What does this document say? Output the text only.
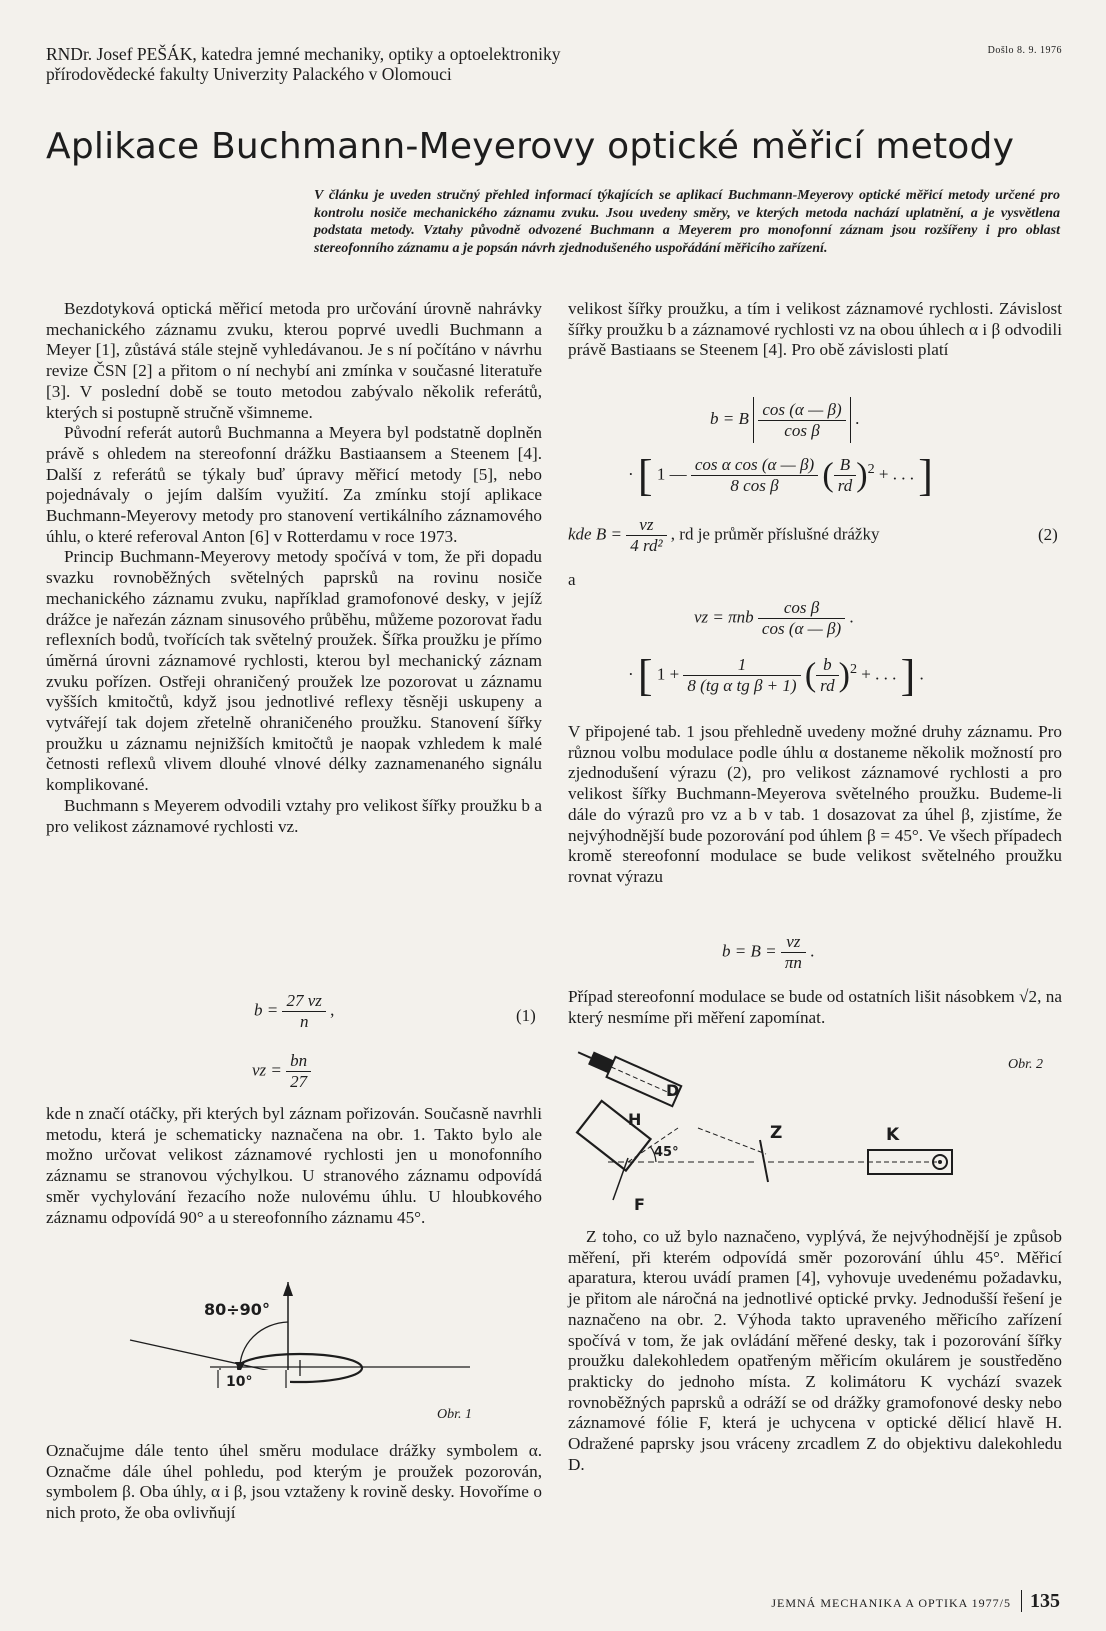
RNDr. Josef PEŠÁK, katedra jemné mechaniky, optiky a optoelektroniky přírodovědecké fakulty Univerzity Palackého v Olomouci
Došlo 8. 9. 1976
Aplikace Buchmann-Meyerovy optické měřicí metody
V článku je uveden stručný přehled informací týkajících se aplikací Buchmann-Meyerovy optické měřicí metody určené pro kontrolu nosiče mechanického záznamu zvuku. Jsou uvedeny směry, ve kterých metoda nachází uplatnění, a je vysvětlena podstata metody. Vztahy původně odvozené Buchmann a Meyerem pro monofonní záznam jsou rozšířeny i pro oblast stereofonního záznamu a je popsán návrh zjednodušeného uspořádání měřicího zařízení.

Bezdotyková optická měřicí metoda pro určování úrovně nahrávky mechanického záznamu zvuku, kterou poprvé uvedli Buchmann a Meyer [1], zůstává stále stejně vyhledávanou. Je s ní počítáno v návrhu revize ČSN [2] a přitom o ní nechybí ani zmínka v současné literatuře [3]. V poslední době se touto metodou zabývalo několik referátů, kterých si postupně stručně všimneme.

Původní referát autorů Buchmanna a Meyera byl podstatně doplněn právě s ohledem na stereofonní drážku Bastiaansem a Steenem [4]. Další z referátů se týkaly buď úpravy měřicí metody [5], nebo pojednávaly o jejím dalším využití. Za zmínku stojí aplikace Buchmann-Meyerovy metody pro stanovení vertikálního záznamového úhlu, o které referoval Anton [6] v Rotterdamu v roce 1973.

Princip Buchmann-Meyerovy metody spočívá v tom, že při dopadu svazku rovnoběžných světelných paprsků na rovinu nosiče mechanického záznamu zvuku, například gramofonové desky, v jejíž drážce je nařezán záznam sinusového průběhu, můžeme pozorovat řadu reflexních bodů, tvořících tak světelný proužek. Šířka proužku je přímo úměrná úrovni záznamové rychlosti, kterou byl mechanický záznam zvuku pořízen. Ostřeji ohraničený proužek lze pozorovat u záznamu vyšších kmitočtů, když jsou jednotlivé reflexy těsněji uskupeny a vytvářejí tak dojem zřetelně ohraničeného proužku. Stanovení šířky proužku u záznamu nejnižších kmitočtů je naopak vzhledem k malé četnosti reflexů vlivem dlouhé vlnové délky zaznamenaného signálu komplikované.

Buchmann s Meyerem odvodili vztahy pro velikost šířky proužku b a pro velikost záznamové rychlosti vz.

$b = \frac{27 vz}{n}$ ,	(1)
vz = $\frac{bn}{27}$

kde n značí otáčky, při kterých byl záznam pořizován. Současně navrhli metodu, která je schematicky naznačena na obr. 1. Takto bylo ale možno určovat velikost záznamové rychlosti jen u monofonního záznamu se stranovou výchylkou. U stranového záznamu odpovídá směr vychylování řezacího nože nulovému úhlu. U hloubkového záznamu odpovídá 90° a u stereofonního záznamu 45°.

80÷90°
10°
Obr. 1

Označujme dále tento úhel směru modulace drážky symbolem α. Označme dále úhel pohledu, pod kterým je proužek pozorován, symbolem β. Oba úhly, α i β, jsou vztaženy k rovině desky. Hovoříme o nich proto, že oba ovlivňují

velikost šířky proužku, a tím i velikost záznamové rychlosti. Závislost šířky proužku b a záznamové rychlosti vz na obou úhlech α i β odvodili právě Bastiaans se Steenem [4]. Pro obě závislosti platí

b = B $\frac{\cos (\alpha — \beta)}{\text{cos β}}$ .
· [ 1 — $\frac{\text{cos α cos (α — β)}}{\text{8 cos β}}$ ( $\frac{B}{rd} )^2$ + . . . ]
kde $B = \frac{vz}{\text{4 rd²}}$ , rd je průměr příslušné drážky	(2)
a
vz = πnb $\frac{\text{cos β}}{\cos (\alpha — \beta)}$ .
· [ $1 + \frac{1}{\text{8 (tg α tg β + 1)}}$ ( $\frac{b}{rd} )^2$ + . . . ] .

V připojené tab. 1 jsou přehledně uvedeny možné druhy záznamu. Pro různou volbu modulace podle úhlu α dostaneme několik možností pro zjednodušení výrazu (2), pro velikost záznamové rychlosti a pro velikost šířky Buchmann-Meyerova světelného proužku. Budeme-li dále do výrazů pro vz a b v tab. 1 dosazovat za úhel β, zjistíme, že nejvýhodnější bude pozorování pod úhlem β = 45°. Ve všech případech kromě stereofonní modulace se bude velikost světelného proužku rovnat výrazu

$b = B = \frac{vz}{\pi n}$ .

Případ stereofonní modulace se bude od ostatních lišit násobkem √2, na který nesmíme při měření zapomínat.

D
H
Z	K
F
45°
Obr. 2

Z toho, co už bylo naznačeno, vyplývá, že nejvýhodnější je způsob měření, při kterém odpovídá směr pozorování úhlu 45°. Měřicí aparatura, kterou uvádí pramen [4], vyhovuje uvedenému požadavku, je přitom ale náročná na jednotlivé optické prvky. Jednodušší řešení je naznačeno na obr. 2. Výhoda takto upraveného měřicího zařízení spočívá v tom, že jak ovládání měřené desky, tak i pozorování šířky proužku dalekohledem opatřeným měřicím okulárem je soustředěno prakticky do jednoho místa. Z kolimátoru K vychází svazek rovnoběžných paprsků a odráží se od drážky gramofonové desky nebo záznamové fólie F, která je uchycena v optické dělicí hlavě H. Odražené paprsky jsou vráceny zrcadlem Z do objektivu dalekohledu D.

JEMNÁ MECHANIKA A OPTIKA 1977/5 135
